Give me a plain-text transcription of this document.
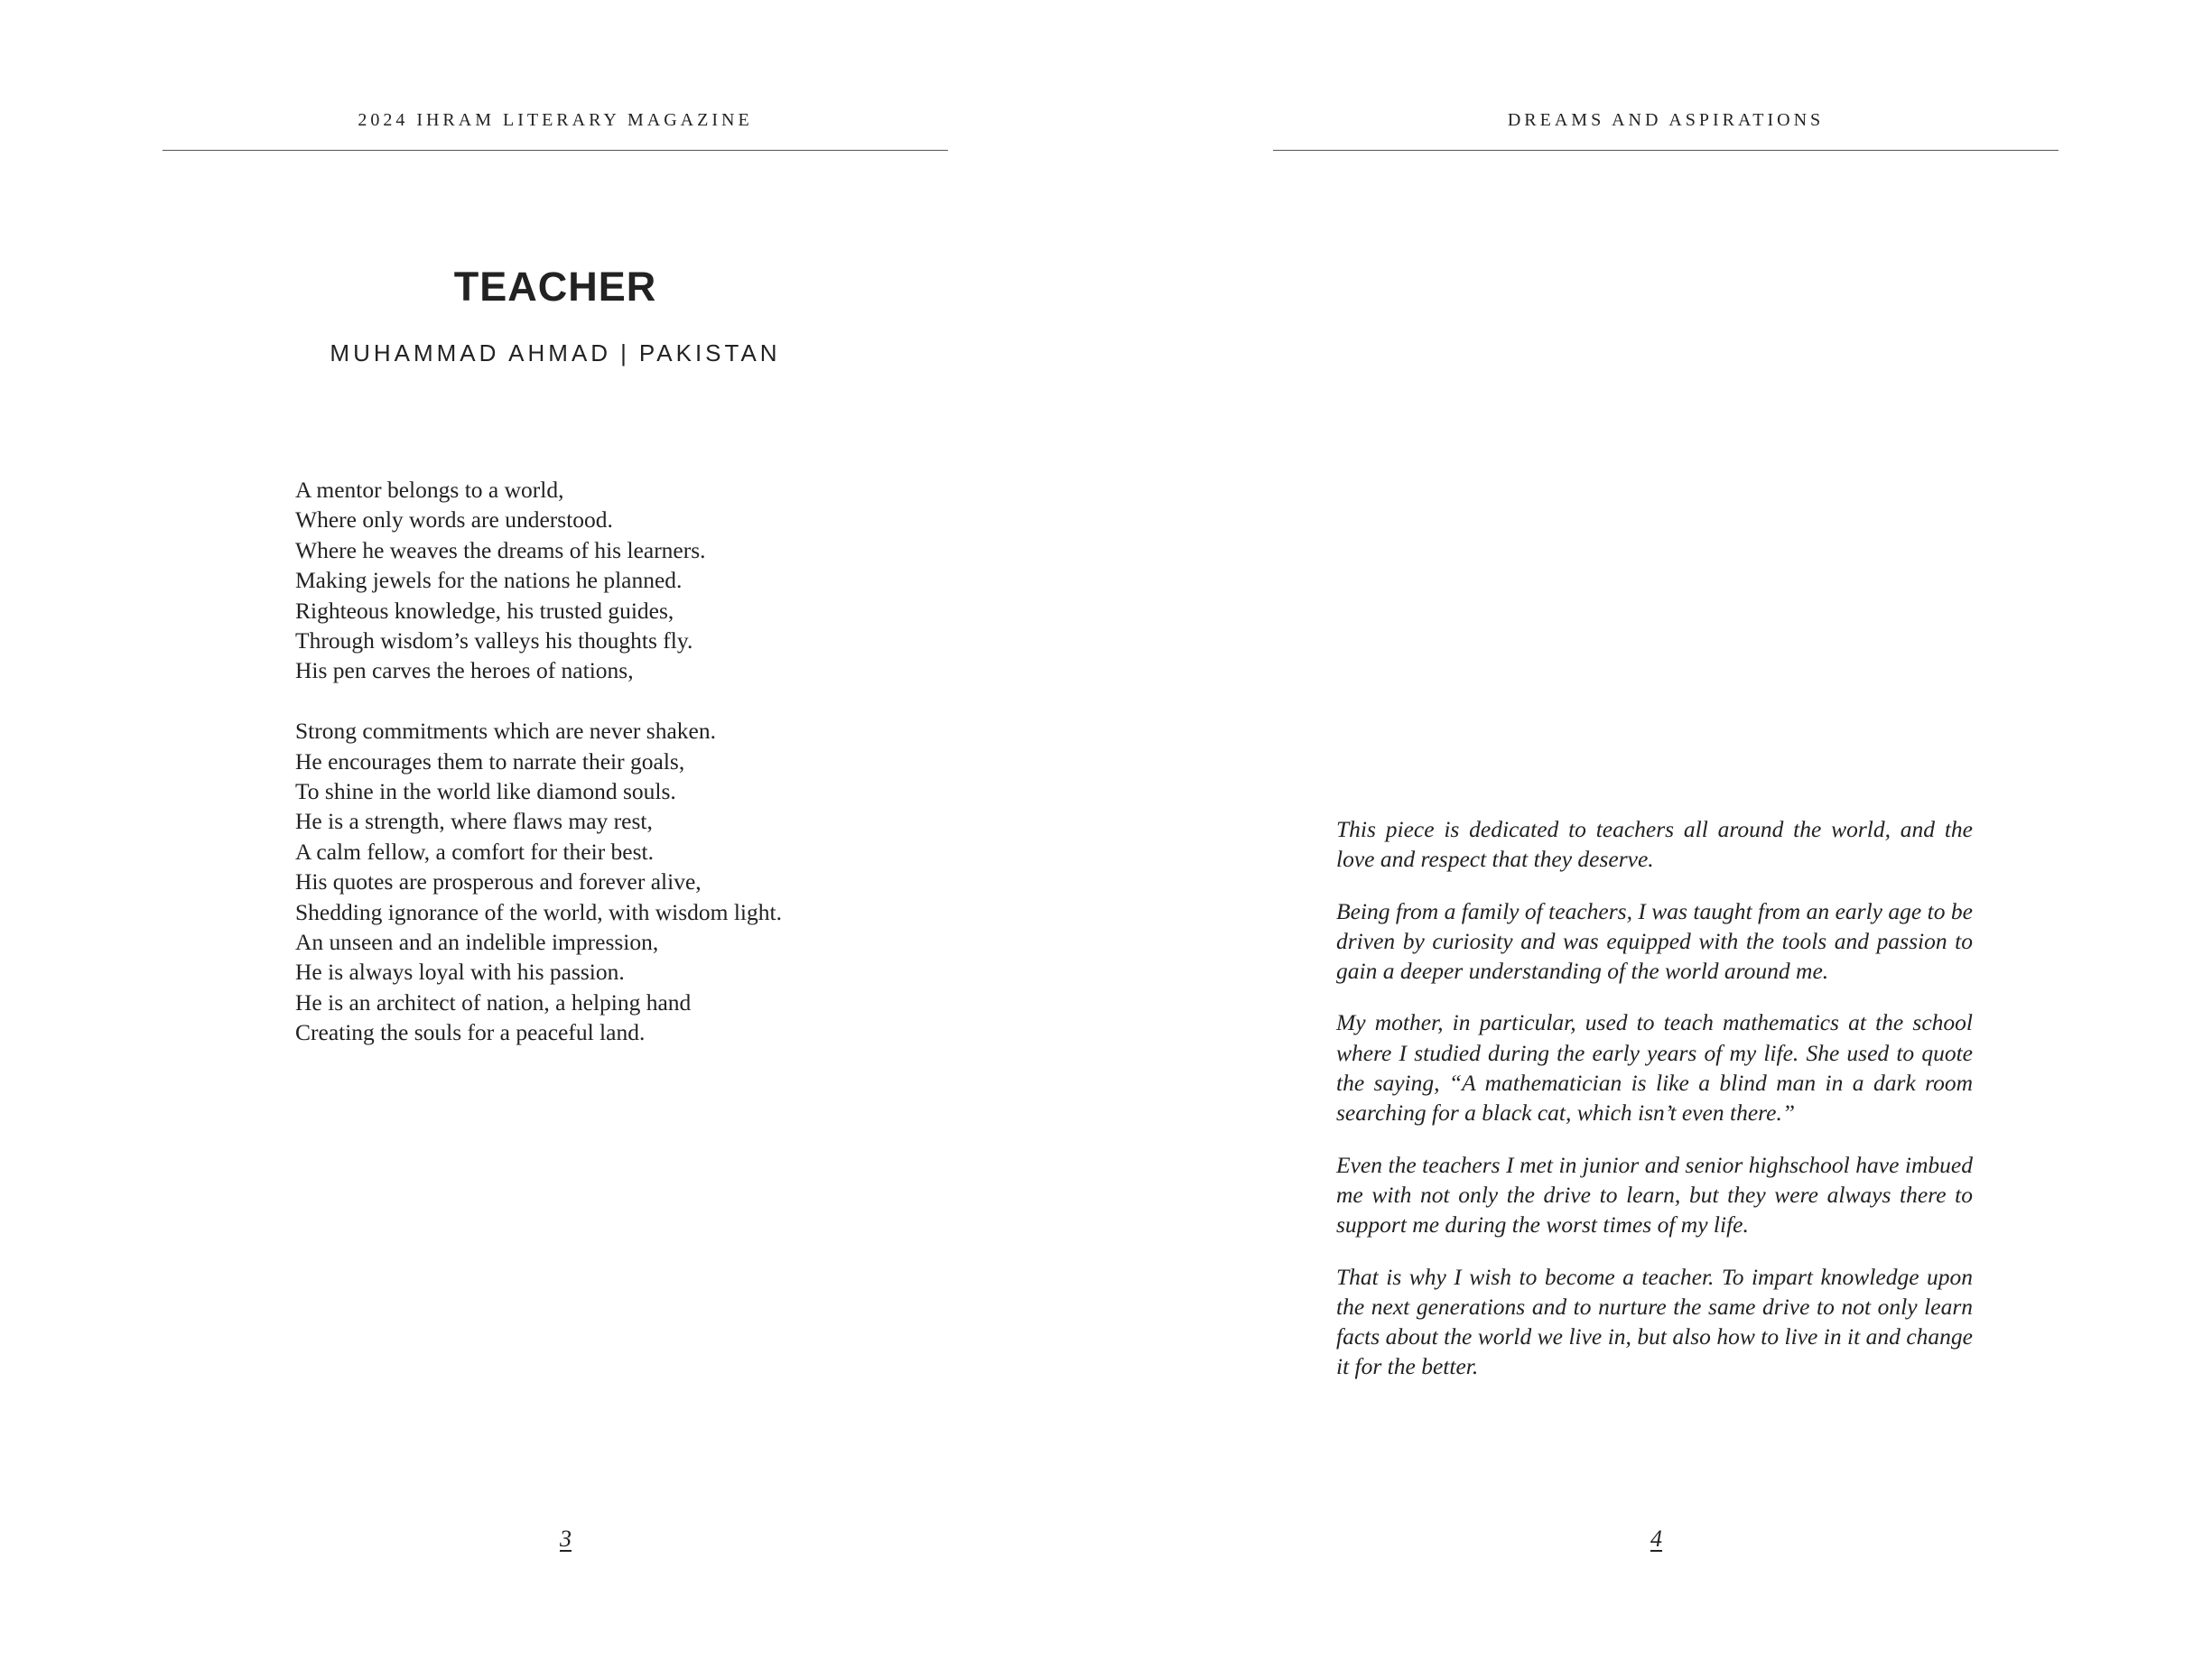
2024 IHRAM LITERARY MAGAZINE
TEACHER
MUHAMMAD AHMAD | PAKISTAN
A mentor belongs to a world,
Where only words are understood.
Where he weaves the dreams of his learners.
Making jewels for the nations he planned.
Righteous knowledge, his trusted guides,
Through wisdom’s valleys his thoughts fly.
His pen carves the heroes of nations,
Strong commitments which are never shaken.
He encourages them to narrate their goals,
To shine in the world like diamond souls.
He is a strength, where flaws may rest,
A calm fellow, a comfort for their best.
His quotes are prosperous and forever alive,
Shedding ignorance of the world, with wisdom light.
An unseen and an indelible impression,
He is always loyal with his passion.
He is an architect of nation, a helping hand
Creating the souls for a peaceful land.
3
DREAMS AND ASPIRATIONS

This piece is dedicated to teachers all around the world, and the love and respect that they deserve.

Being from a family of teachers, I was taught from an early age to be driven by curiosity and was equipped with the tools and passion to gain a deeper understanding of the world around me.

My mother, in particular, used to teach mathematics at the school where I studied during the early years of my life. She used to quote the saying, “A mathematician is like a blind man in a dark room searching for a black cat, which isn’t even there.”

Even the teachers I met in junior and senior highschool have imbued me with not only the drive to learn, but they were always there to support me during the worst times of my life.

That is why I wish to become a teacher. To impart knowledge upon the next generations and to nurture the same drive to not only learn facts about the world we live in, but also how to live in it and change it for the better.

4
